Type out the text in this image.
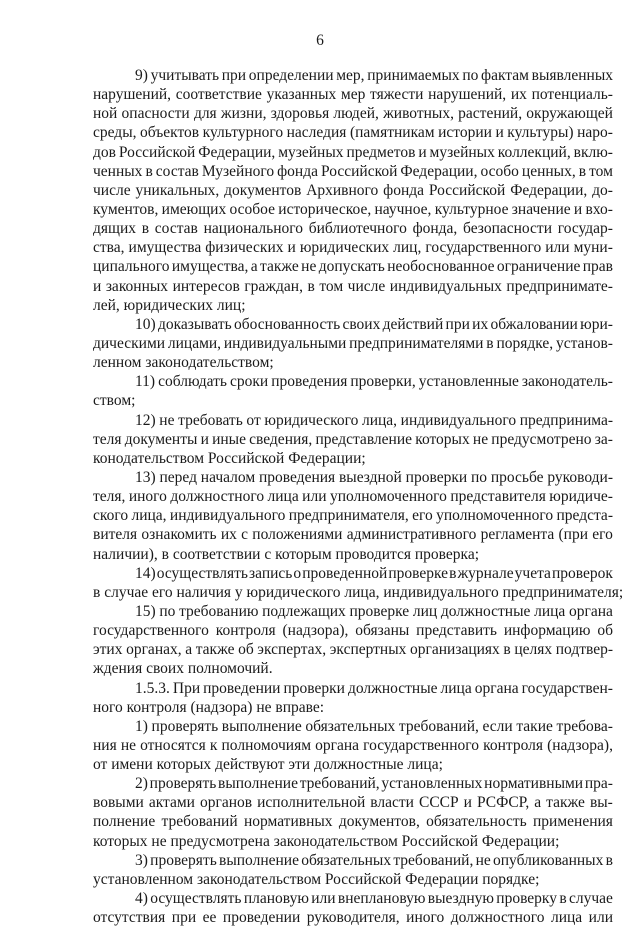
6
9) учитывать при определении мер, принимаемых по фактам выявленных
нарушений, соответствие указанных мер тяжести нарушений, их потенциаль-
ной опасности для жизни, здоровья людей, животных, растений, окружающей
среды, объектов культурного наследия (памятникам истории и культуры) наро-
дов Российской Федерации, музейных предметов и музейных коллекций, вклю-
ченных в состав Музейного фонда Российской Федерации, особо ценных, в том
числе уникальных, документов Архивного фонда Российской Федерации, до-
кументов, имеющих особое историческое, научное, культурное значение и вхо-
дящих в состав национального библиотечного фонда, безопасности государ-
ства, имущества физических и юридических лиц, государственного или муни-
ципального имущества, а также не допускать необоснованное ограничение прав
и законных интересов граждан, в том числе индивидуальных предпринимате-
лей, юридических лиц;
10) доказывать обоснованность своих действий при их обжаловании юри-
дическими лицами, индивидуальными предпринимателями в порядке, установ-
ленном законодательством;
11) соблюдать сроки проведения проверки, установленные законодатель-
ством;
12) не требовать от юридического лица, индивидуального предпринима-
теля документы и иные сведения, представление которых не предусмотрено за-
конодательством Российской Федерации;
13) перед началом проведения выездной проверки по просьбе руководи-
теля, иного должностного лица или уполномоченного представителя юридиче-
ского лица, индивидуального предпринимателя, его уполномоченного предста-
вителя ознакомить их с положениями административного регламента (при его
наличии), в соответствии с которым проводится проверка;
14) осуществлять запись о проведенной проверке в журнале учета проверок
в случае его наличия у юридического лица, индивидуального предпринимателя;
15) по требованию подлежащих проверке лиц должностные лица органа
государственного контроля (надзора), обязаны представить информацию об
этих органах, а также об экспертах, экспертных организациях в целях подтвер-
ждения своих полномочий.
1.5.3. При проведении проверки должностные лица органа государствен-
ного контроля (надзора) не вправе:
1) проверять выполнение обязательных требований, если такие требова-
ния не относятся к полномочиям органа государственного контроля (надзора),
от имени которых действуют эти должностные лица;
2) проверять выполнение требований, установленных нормативными пра-
вовыми актами органов исполнительной власти СССР и РСФСР, а также вы-
полнение требований нормативных документов, обязательность применения
которых не предусмотрена законодательством Российской Федерации;
3) проверять выполнение обязательных требований, не опубликованных в
установленном законодательством Российской Федерации порядке;
4) осуществлять плановую или внеплановую выездную проверку в случае
отсутствия при ее проведении руководителя, иного должностного лица или
